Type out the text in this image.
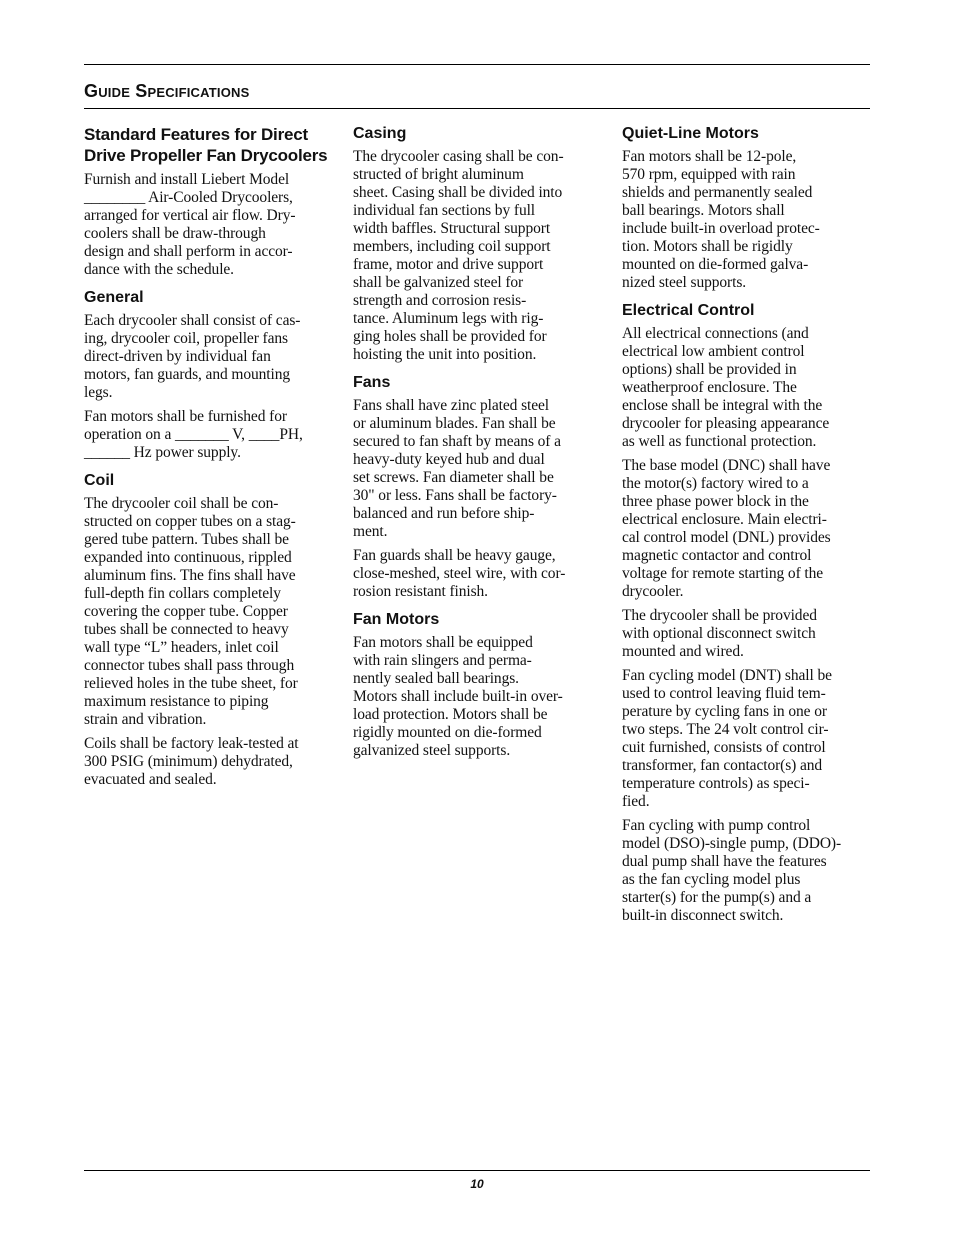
Guide Specifications
Standard Features for Direct Drive Propeller Fan Drycoolers

Furnish and install Liebert Model
________ Air-Cooled Drycoolers,
arranged for vertical air flow. Dry-
coolers shall be draw-through
design and shall perform in accor-
dance with the schedule.

General

Each drycooler shall consist of cas-
ing, drycooler coil, propeller fans
direct-driven by individual fan
motors, fan guards, and mounting
legs.

Fan motors shall be furnished for
operation on a _______ V, ____PH,
______ Hz power supply.

Coil

The drycooler coil shall be con-
structed on copper tubes on a stag-
gered tube pattern. Tubes shall be
expanded into continuous, rippled
aluminum fins. The fins shall have
full-depth fin collars completely
covering the copper tube. Copper
tubes shall be connected to heavy
wall type “L” headers, inlet coil
connector tubes shall pass through
relieved holes in the tube sheet, for
maximum resistance to piping
strain and vibration.

Coils shall be factory leak-tested at
300 PSIG (minimum) dehydrated,
evacuated and sealed.

Casing

The drycooler casing shall be con-
structed of bright aluminum
sheet. Casing shall be divided into
individual fan sections by full
width baffles. Structural support
members, including coil support
frame, motor and drive support
shall be galvanized steel for
strength and corrosion resis-
tance. Aluminum legs with rig-
ging holes shall be provided for
hoisting the unit into position.

Fans

Fans shall have zinc plated steel
or aluminum blades. Fan shall be
secured to fan shaft by means of a
heavy-duty keyed hub and dual
set screws. Fan diameter shall be
30" or less. Fans shall be factory-
balanced and run before ship-
ment.

Fan guards shall be heavy gauge,
close-meshed, steel wire, with cor-
rosion resistant finish.

Fan Motors

Fan motors shall be equipped
with rain slingers and perma-
nently sealed ball bearings.
Motors shall include built-in over-
load protection. Motors shall be
rigidly mounted on die-formed
galvanized steel supports.

Quiet-Line Motors

Fan motors shall be 12-pole,
570 rpm, equipped with rain
shields and permanently sealed
ball bearings. Motors shall
include built-in overload protec-
tion. Motors shall be rigidly
mounted on die-formed galva-
nized steel supports.

Electrical Control

All electrical connections (and
electrical low ambient control
options) shall be provided in
weatherproof enclosure. The
enclose shall be integral with the
drycooler for pleasing appearance
as well as functional protection.

The base model (DNC) shall have
the motor(s) factory wired to a
three phase power block in the
electrical enclosure. Main electri-
cal control model (DNL) provides
magnetic contactor and control
voltage for remote starting of the
drycooler.

The drycooler shall be provided
with optional disconnect switch
mounted and wired.

Fan cycling model (DNT) shall be
used to control leaving fluid tem-
perature by cycling fans in one or
two steps. The 24 volt control cir-
cuit furnished, consists of control
transformer, fan contactor(s) and
temperature controls) as speci-
fied.

Fan cycling with pump control
model (DSO)-single pump, (DDO)-
dual pump shall have the features
as the fan cycling model plus
starter(s) for the pump(s) and a
built-in disconnect switch.

10
